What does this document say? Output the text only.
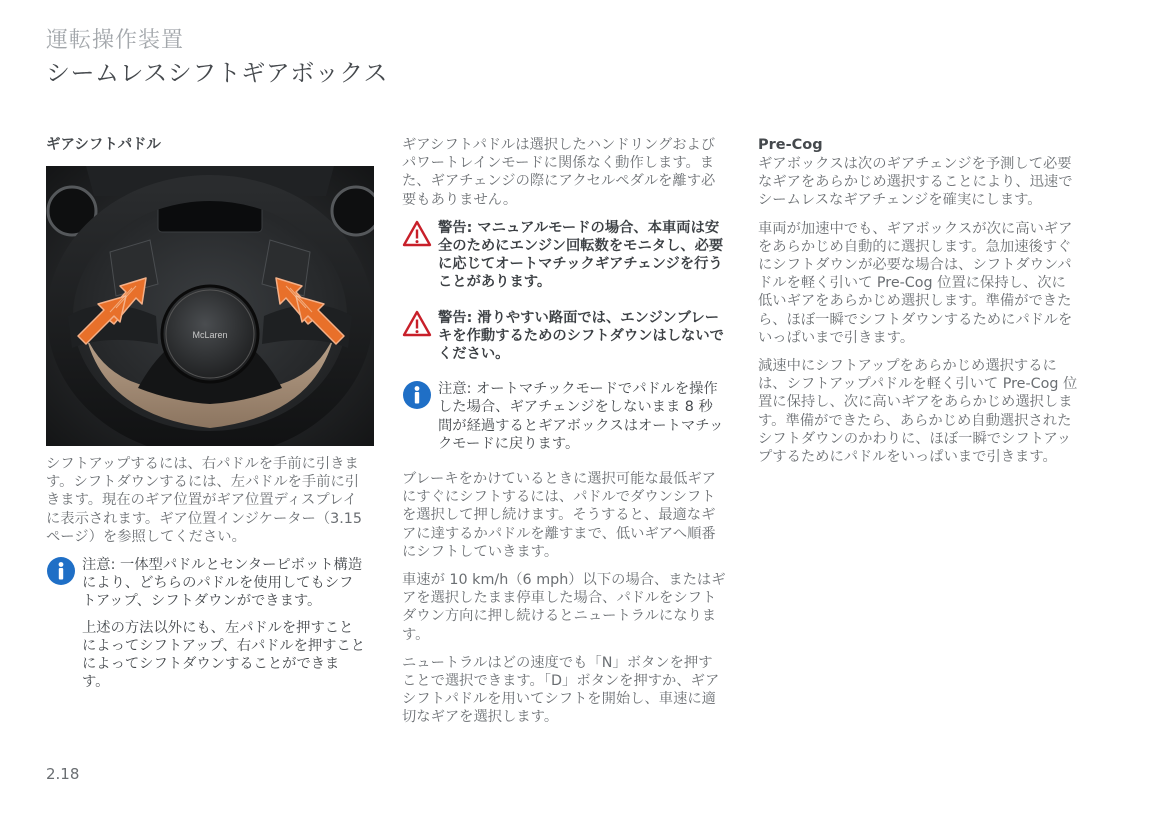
運転操作装置
シームレスシフトギアボックス
ギアシフトパドル
McLaren

シフトアップするには、右パドルを手前に引きます。シフトダウンするには、左パドルを手前に引きます。現在のギア位置がギア位置ディスプレイに表示されます。ギア位置インジケーター（3.15 ページ）を参照してください。

注意: 一体型パドルとセンターピボット構造により、どちらのパドルを使用してもシフトアップ、シフトダウンができます。

上述の方法以外にも、左パドルを押すことによってシフトアップ、右パドルを押すことによってシフトダウンすることができます。

ギアシフトパドルは選択したハンドリングおよびパワートレインモードに関係なく動作します。また、ギアチェンジの際にアクセルペダルを離す必要もありません。

警告: マニュアルモードの場合、本車両は安全のためにエンジン回転数をモニタし、必要に応じてオートマチックギアチェンジを行うことがあります。

警告: 滑りやすい路面では、エンジンブレーキを作動するためのシフトダウンはしないでください。

注意: オートマチックモードでパドルを操作した場合、ギアチェンジをしないまま 8 秒間が経過するとギアボックスはオートマチックモードに戻ります。

ブレーキをかけているときに選択可能な最低ギアにすぐにシフトするには、パドルでダウンシフトを選択して押し続けます。そうすると、最適なギアに達するかパドルを離すまで、低いギアへ順番にシフトしていきます。

車速が 10 km/h（6 mph）以下の場合、またはギアを選択したまま停車した場合、パドルをシフトダウン方向に押し続けるとニュートラルになります。

ニュートラルはどの速度でも「N」ボタンを押すことで選択できます。「D」ボタンを押すか、ギアシフトパドルを用いてシフトを開始し、車速に適切なギアを選択します。

Pre-Cog

ギアボックスは次のギアチェンジを予測して必要なギアをあらかじめ選択することにより、迅速でシームレスなギアチェンジを確実にします。

車両が加速中でも、ギアボックスが次に高いギアをあらかじめ自動的に選択します。急加速後すぐにシフトダウンが必要な場合は、シフトダウンパドルを軽く引いて Pre-Cog 位置に保持し、次に低いギアをあらかじめ選択します。準備ができたら、ほぼ一瞬でシフトダウンするためにパドルをいっぱいまで引きます。

減速中にシフトアップをあらかじめ選択するには、シフトアップパドルを軽く引いて Pre-Cog 位置に保持し、次に高いギアをあらかじめ選択します。準備ができたら、あらかじめ自動選択されたシフトダウンのかわりに、ほぼ一瞬でシフトアップするためにパドルをいっぱいまで引きます。

2.18
